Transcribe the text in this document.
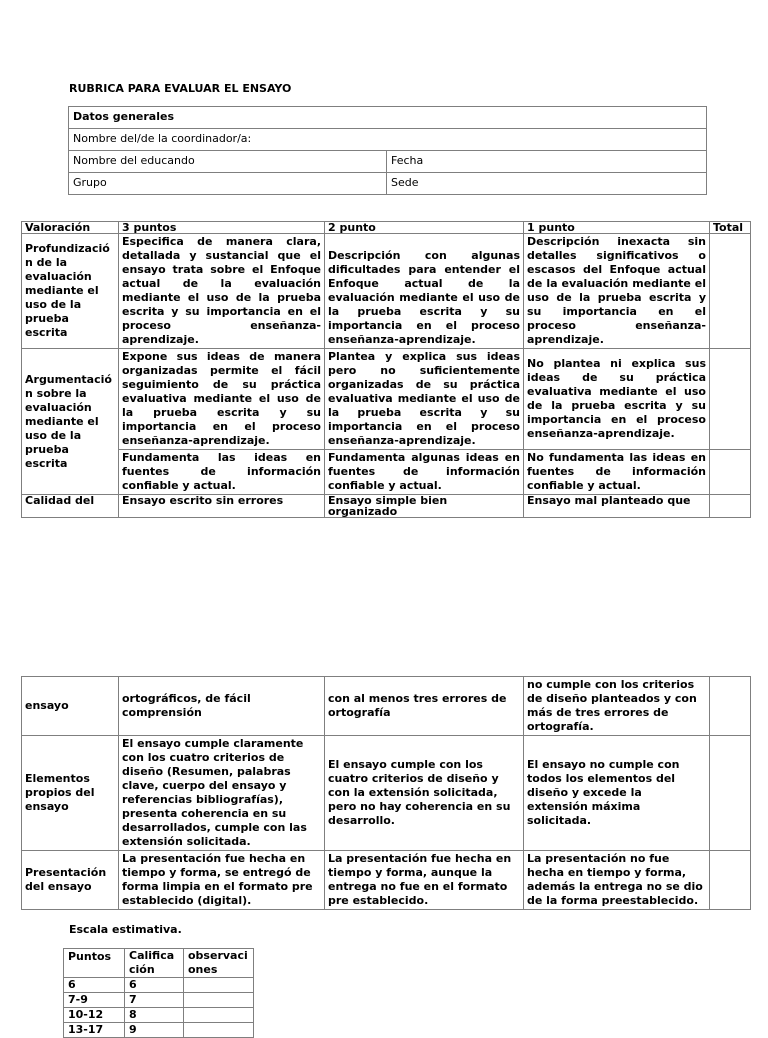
RUBRICA PARA EVALUAR EL ENSAYO
Datos generales	
Nombre del/de la coordinador/a:	
Nombre del educando	Fecha
Grupo	Sede
Valoración	3 puntos	2 punto	1 punto	Total
Profundizació n de la evaluación mediante el uso de la prueba escrita	Especifica de manera clara, detallada y sustancial que el ensayo trata sobre el Enfoque actual de la evaluación mediante el uso de la prueba escrita y su importancia en el proceso enseñanza-aprendizaje.	Descripción con algunas dificultades para entender el Enfoque actual de la evaluación mediante el uso de la prueba escrita y su importancia en el proceso enseñanza-aprendizaje.	Descripción inexacta sin detalles significativos o escasos del Enfoque actual de la evaluación mediante el uso de la prueba escrita y su importancia en el proceso enseñanza-aprendizaje.	
Argumentació n sobre la evaluación mediante el uso de la prueba escrita	Expone sus ideas de manera organizadas permite el fácil seguimiento de su práctica evaluativa mediante el uso de la prueba escrita y su importancia en el proceso enseñanza-aprendizaje.	Plantea y explica sus ideas pero no suficientemente organizadas de su práctica evaluativa mediante el uso de la prueba escrita y su importancia en el proceso enseñanza-aprendizaje.	No plantea ni explica sus ideas de su práctica evaluativa mediante el uso de la prueba escrita y su importancia en el proceso enseñanza-aprendizaje.	
	Fundamenta las ideas en fuentes de información confiable y actual.	Fundamenta algunas ideas en fuentes de información confiable y actual.	No fundamenta las ideas en fuentes de información confiable y actual.	
Calidad del	Ensayo escrito sin errores	Ensayo simple bien organizado	Ensayo mal planteado que	
ensayo	ortográficos, de fácil comprensión	con al menos tres errores de ortografía	no cumple con los criterios de diseño planteados y con más de tres errores de ortografía.	
Elementos propios del ensayo	El ensayo cumple claramente con los cuatro criterios de diseño (Resumen, palabras clave, cuerpo del ensayo y referencias bibliografías), presenta coherencia en su desarrollados, cumple con las extensión solicitada.	El ensayo cumple con los cuatro criterios de diseño y con la extensión solicitada, pero no hay coherencia en su desarrollo.	El ensayo no cumple con todos los elementos del diseño y excede la extensión máxima solicitada.	
Presentación del ensayo	La presentación fue hecha en tiempo y forma, se entregó de forma limpia en el formato pre establecido (digital).	La presentación fue hecha en tiempo y forma, aunque la entrega no fue en el formato pre establecido.	La presentación no fue hecha en tiempo y forma, además la entrega no se dio de la forma preestablecido.	
Escala estimativa.
Puntos	Califica ción	observaci ones
6	6	
7-9	7	
10-12	8	
13-17	9	
